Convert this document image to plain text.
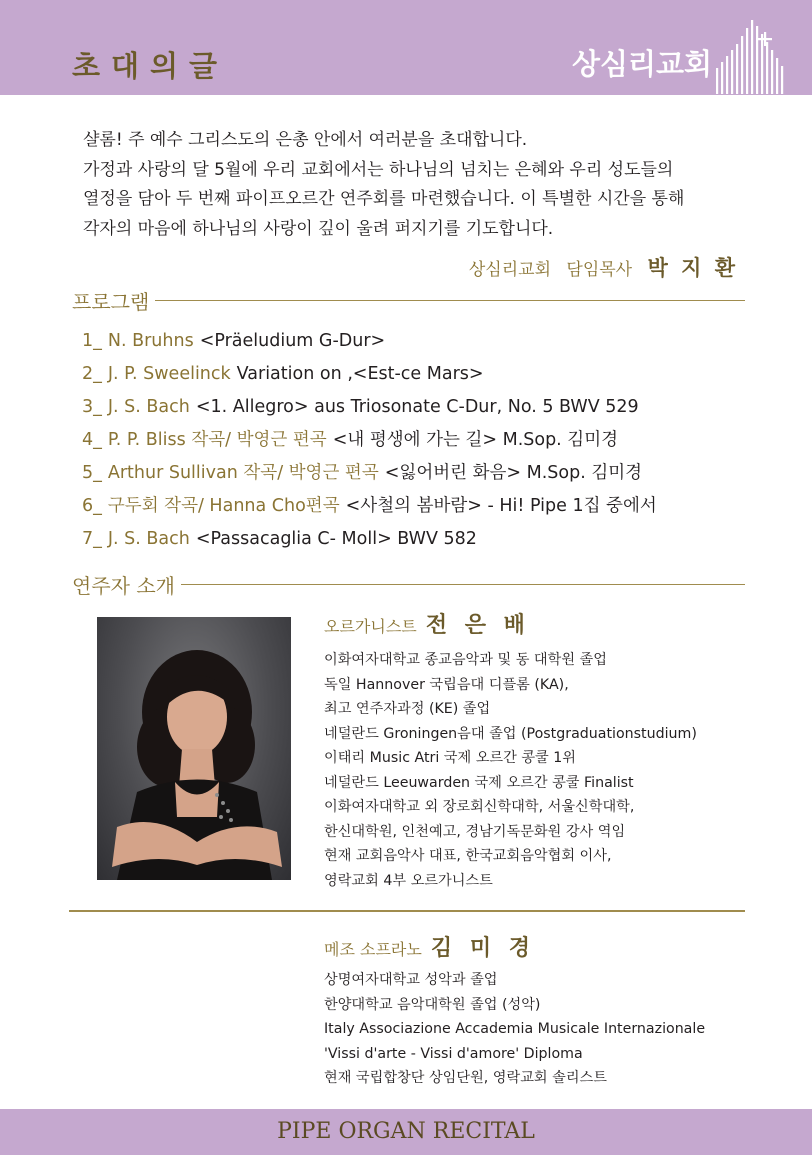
초대의글	상심리교회

샬롬! 주 예수 그리스도의 은총 안에서 여러분을 초대합니다.

가정과 사랑의 달 5월에 우리 교회에서는 하나님의 넘치는 은혜와 우리 성도들의

열정을 담아 두 번째 파이프오르간 연주회를 마련했습니다. 이 특별한 시간을 통해

각자의 마음에 하나님의 사랑이 깊이 울려 퍼지기를 기도합니다.

상심리교회 담임목사 박 지 환
프로그램
1_ N. Bruhns <Präeludium G-Dur>
2_ J. P. Sweelinck Variation on ‚<Est-ce Mars>
3_ J. S. Bach <1. Allegro> aus Triosonate C-Dur, No. 5 BWV 529
4_ P. P. Bliss 작곡/ 박영근 편곡 <내 평생에 가는 길> M.Sop. 김미경
5_ Arthur Sullivan 작곡/ 박영근 편곡 <잃어버린 화음> M.Sop. 김미경
6_ 구두회 작곡/ Hanna Cho편곡 <사철의 봄바람> - Hi! Pipe 1집 중에서
7_ J. S. Bach <Passacaglia C- Moll> BWV 582
연주자 소개
오르가니스트 전 은 배
이화여자대학교 종교음악과 및 동 대학원 졸업
독일 Hannover 국립음대 디플롬 (KA),
최고 연주자과정 (KE) 졸업
네덜란드 Groningen음대 졸업 (Postgraduationstudium)
이태리 Music Atri 국제 오르간 콩쿨 1위
네덜란드 Leeuwarden 국제 오르간 콩쿨 Finalist
이화여자대학교 외 장로회신학대학, 서울신학대학,
한신대학원, 인천예고, 경남기독문화원 강사 역임
현재 교회음악사 대표, 한국교회음악협회 이사,
영락교회 4부 오르가니스트
메조 소프라노 김 미 경
상명여자대학교 성악과 졸업
한양대학교 음악대학원 졸업 (성악)
Italy Associazione Accademia Musicale Internazionale
'Vissi d'arte - Vissi d'amore' Diploma
현재 국립합창단 상임단원, 영락교회 솔리스트
PIPE ORGAN RECITAL
